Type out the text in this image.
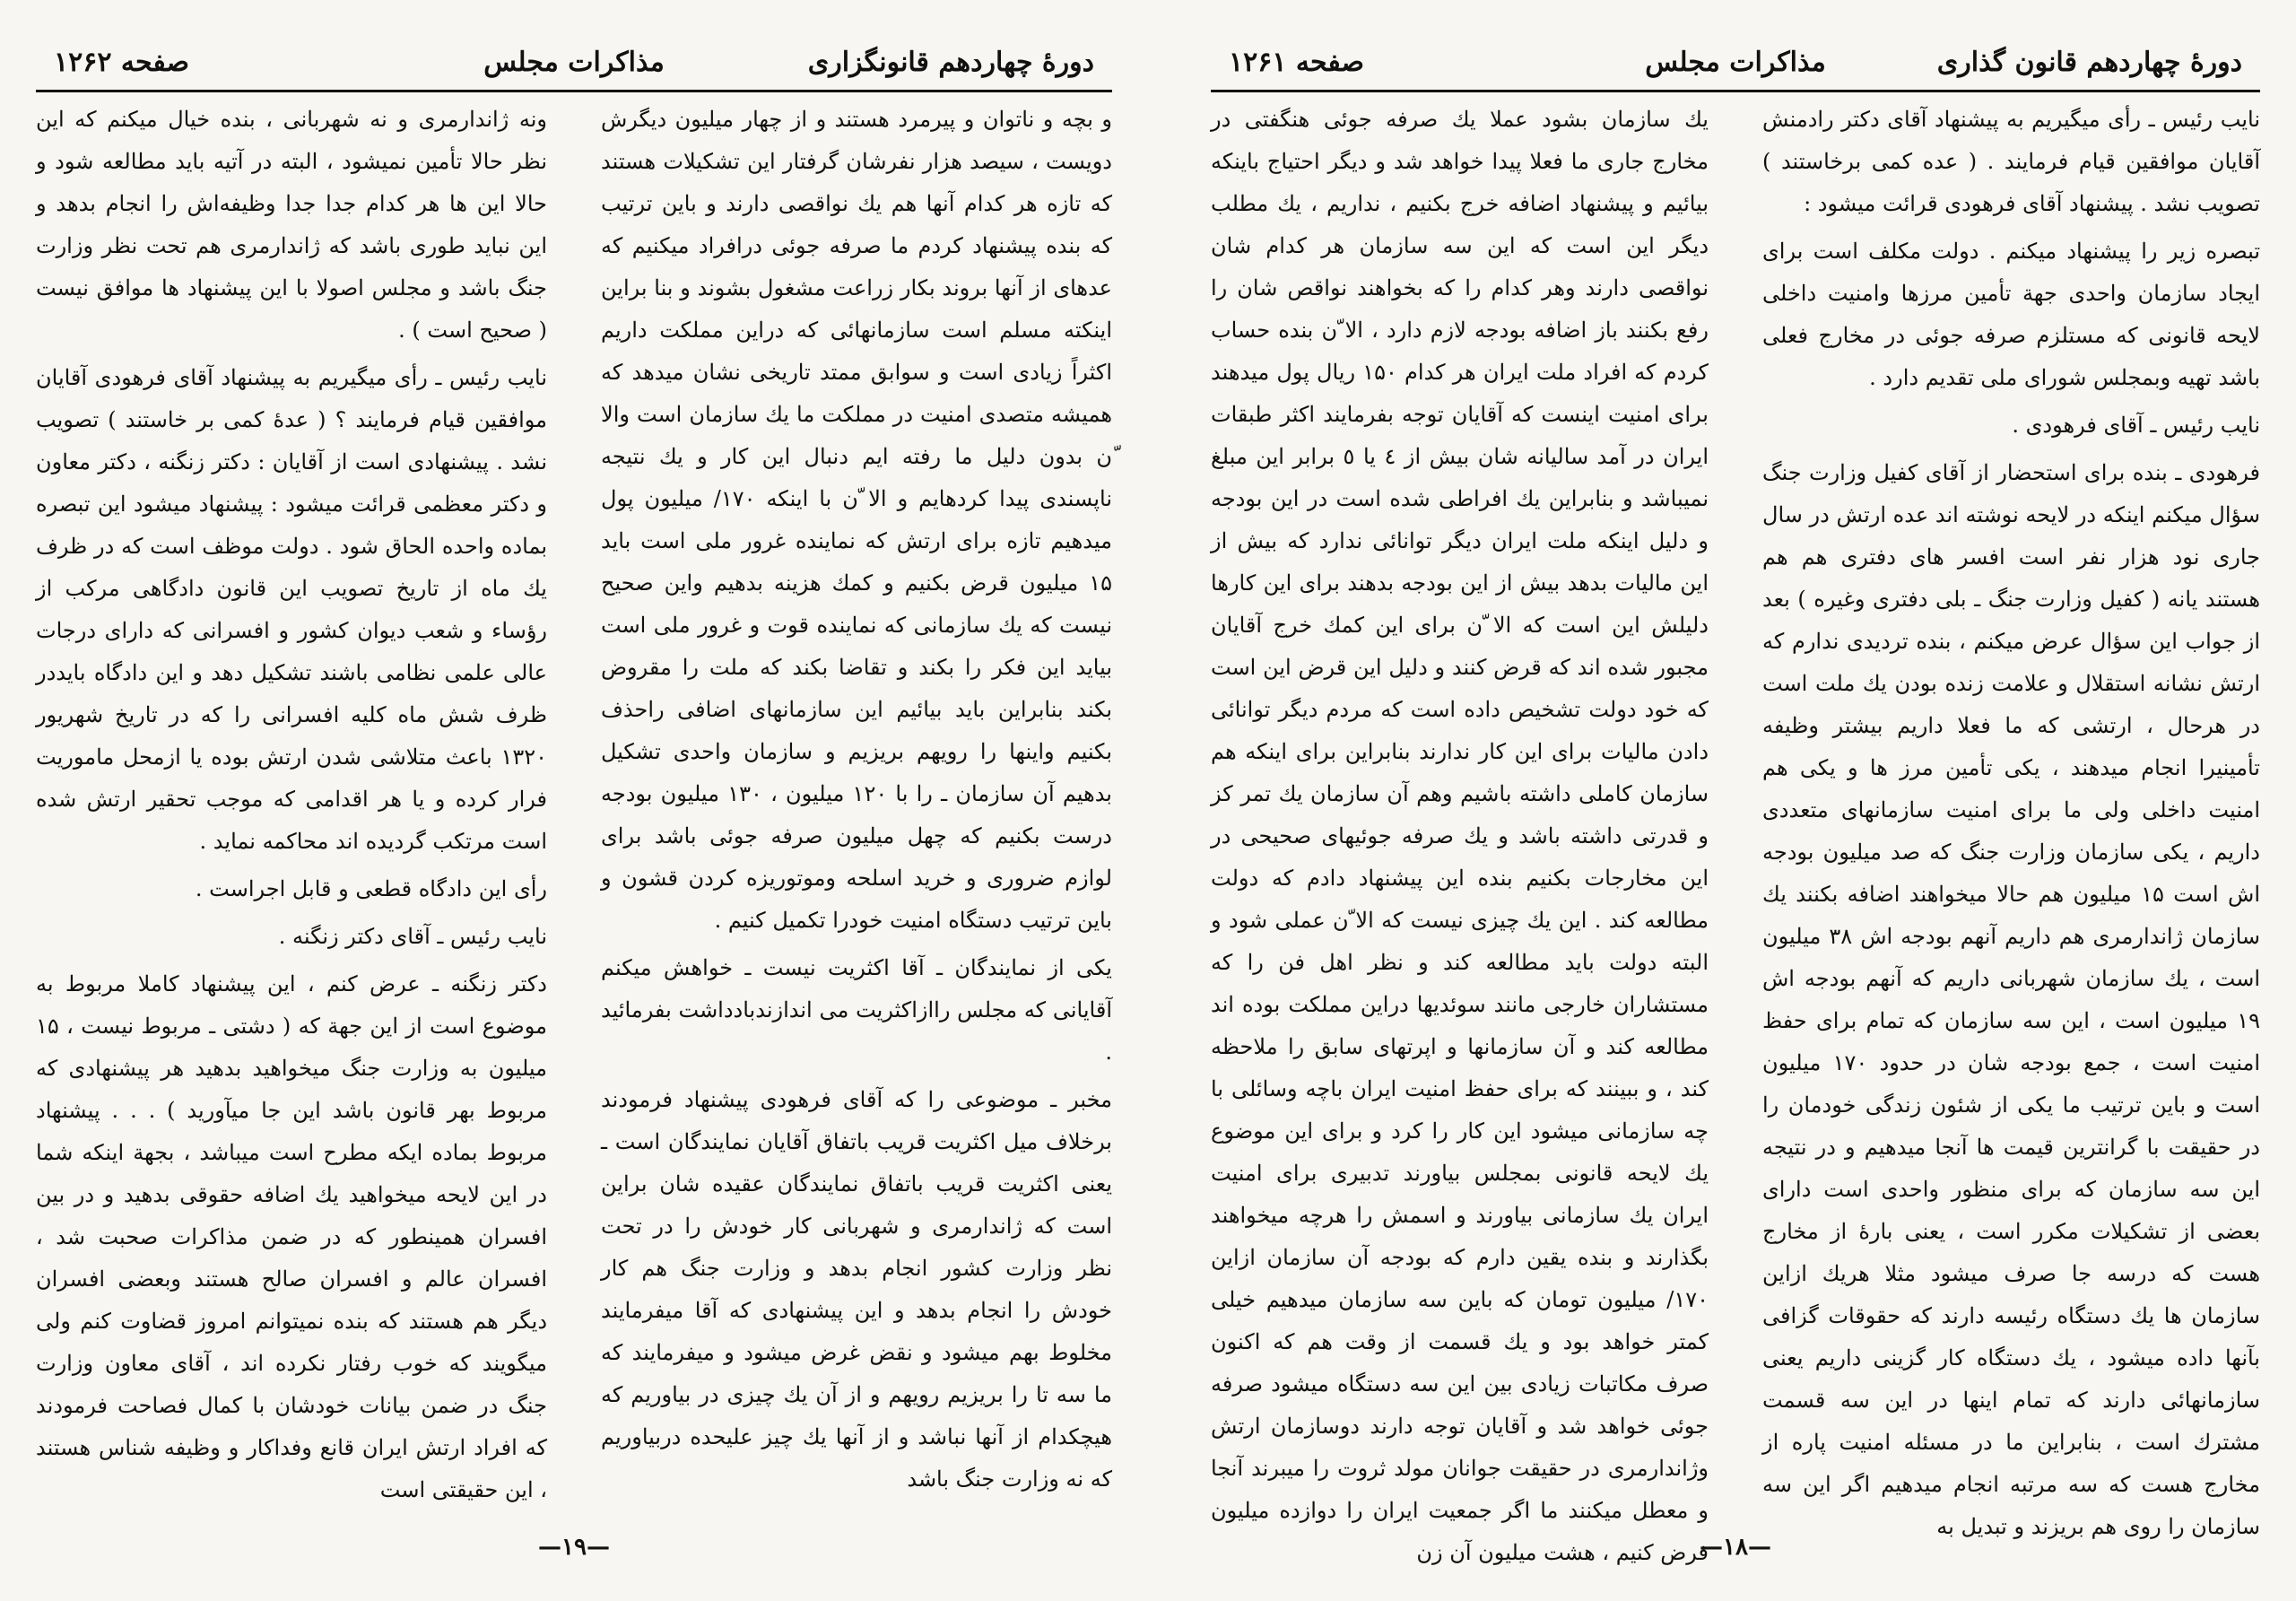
دورهٔ چهاردهم قانونگزاری
مذاکرات مجلس
صفحه ۱۲۶۲

و بچه و ناتوان و پیرمرد هستند و از چهار میلیون دیگرش دویست ، سیصد هزار نفرشان گرفتار این تشکیلات هستند که تازه هر کدام آنها هم یك نواقصی دارند و باین ترتیب که بنده پیشنهاد کردم ما صرفه جوئی درافراد میکنیم که عدهای از آنها بروند بکار زراعت مشغول بشوند و بنا براین اینکته مسلم است سازمانهائی که دراین مملکت داریم اکثراً زیادی است و سوابق ممتد تاریخی نشان میدهد که همیشه متصدی امنیت در مملکت ما یك سازمان است والا ّن بدون دلیل ما رفته ایم دنبال این کار و یك نتیجه ناپسندی پیدا کردهایم و الا ّن با اینکه ۱۷۰/ میلیون پول میدهیم تازه برای ارتش که نماینده غرور ملی است باید ۱۵ میلیون قرض بکنیم و کمك هزینه بدهیم واین صحیح نیست که یك سازمانی که نماینده قوت و غرور ملی است بیاید این فکر را بکند و تقاضا بکند که ملت را مقروض بکند بنابراین باید بیائیم این سازمانهای اضافی راحذف بکنیم واینها را رویهم بریزیم و سازمان واحدی تشکیل بدهیم آن سازمان ـ را با ۱۲۰ میلیون ، ۱۳۰ میلیون بودجه درست بکنیم که چهل میلیون صرفه جوئی باشد برای لوازم ضروری و خرید اسلحه وموتوریزه کردن قشون و باین ترتیب دستگاه امنیت خودرا تکمیل کنیم .

یکی از نمایندگان ـ آقا اکثریت نیست ـ خواهش میکنم آقایانی که مجلس راازاکثریت می اندازندبادداشت بفرمائید .

مخبر ـ موضوعی را که آقای فرهودی پیشنهاد فرمودند برخلاف میل اکثریت قریب باتفاق آقایان نمایندگان است ـ یعنی اکثریت قریب باتفاق نمایندگان عقیده شان براین است که ژاندارمری و شهربانی کار خودش را در تحت نظر وزارت کشور انجام بدهد و وزارت جنگ هم کار خودش را انجام بدهد و این پیشنهادی که آقا میفرمایند مخلوط بهم میشود و نقض غرض میشود و میفرمایند که ما سه تا را بریزیم رویهم و از آن یك چیزی در بیاوریم که هیچکدام از آنها نباشد و از آنها یك چیز علیحده دربیاوریم که نه وزارت جنگ باشد

ونه ژاندارمری و نه شهربانی ، بنده خیال میکنم که این نظر حالا تأمین نمیشود ، البته در آتیه باید مطالعه شود و حالا این ها هر کدام جدا جدا وظیفه‌اش را انجام بدهد و این نباید طوری باشد که ژاندارمری هم تحت نظر وزارت جنگ باشد و مجلس اصولا با این پیشنهاد ها موافق نیست ( صحیح است ) .

نایب رئیس ـ رأی میگیریم به پیشنهاد آقای فرهودی آقایان موافقین قیام فرمایند ؟ ( عدهٔ کمی بر خاستند ) تصویب نشد . پیشنهادی است از آقایان : دکتر زنگنه ، دکتر معاون و دکتر معظمی قرائت میشود : پیشنهاد میشود این تبصره بماده واحده الحاق شود . دولت موظف است که در ظرف یك ماه از تاریخ تصویب این قانون دادگاهی مرکب از رؤساء و شعب دیوان کشور و افسرانی که دارای درجات عالی علمی نظامی باشند تشکیل دهد و این دادگاه بایددر ظرف شش ماه کلیه افسرانی را که در تاریخ شهریور ۱۳۲۰ باعث متلاشی شدن ارتش بوده یا ازمحل ماموریت فرار کرده و یا هر اقدامی که موجب تحقیر ارتش شده است مرتکب گردیده اند محاکمه نماید .

رأی این دادگاه قطعی و قابل اجراست .

نایب رئیس ـ آقای دکتر زنگنه .

دکتر زنگنه ـ عرض کنم ، این پیشنهاد کاملا مربوط به موضوع است از این جهة که ( دشتی ـ مربوط نیست ، ۱۵ میلیون به وزارت جنگ میخواهید بدهید هر پیشنهادی که مربوط بهر قانون باشد این جا میآورید ) . . . پیشنهاد مربوط بماده ایکه مطرح است میباشد ، بجهة اینکه شما در این لایحه میخواهید یك اضافه حقوقی بدهید و در بین افسران همینطور که در ضمن مذاکرات صحبت شد ، افسران عالم و افسران صالح هستند وبعضی افسران دیگر هم هستند که بنده نمیتوانم امروز قضاوت کنم ولی میگویند که خوب رفتار نکرده اند ، آقای معاون وزارت جنگ در ضمن بیانات خودشان با کمال فصاحت فرمودند که افراد ارتش ایران قانع وفداکار و وظیفه شناس هستند ، این حقیقتی است

—۱۹—
دورهٔ چهاردهم قانون گذاری
مذاکرات مجلس
صفحه ۱۲۶۱

نایب رئیس ـ رأی میگیریم به پیشنهاد آقای دکتر رادمنش آقایان موافقین قیام فرمایند . ( عده کمی برخاستند ) تصویب نشد . پیشنهاد آقای فرهودی قرائت میشود :

تبصره زیر را پیشنهاد میکنم . دولت مکلف است برای ایجاد سازمان واحدی جهة تأمین مرزها وامنیت داخلی لایحه قانونی که مستلزم صرفه جوئی در مخارج فعلی باشد تهیه وبمجلس شورای ملی تقدیم دارد .

نایب رئیس ـ آقای فرهودی .

فرهودی ـ بنده برای استحضار از آقای کفیل وزارت جنگ سؤال میکنم اینکه در لایحه نوشته اند عده ارتش در سال جاری نود هزار نفر است افسر های دفتری هم هم هستند یانه ( کفیل وزارت جنگ ـ بلی دفتری وغیره ) بعد از جواب این سؤال عرض میکنم ، بنده تردیدی ندارم که ارتش نشانه استقلال و علامت زنده بودن یك ملت است در هرحال ، ارتشی که ما فعلا داریم بیشتر وظیفه تأمینیرا انجام میدهند ، یکی تأمین مرز ها و یکی هم امنیت داخلی ولی ما برای امنیت سازمانهای متعددی داریم ، یکی سازمان وزارت جنگ که صد میلیون بودجه اش است ۱۵ میلیون هم حالا میخواهند اضافه بکنند یك سازمان ژاندارمری هم داریم آنهم بودجه اش ۳۸ میلیون است ، یك سازمان شهربانی داریم که آنهم بودجه اش ۱۹ میلیون است ، این سه سازمان که تمام برای حفظ امنیت است ، جمع بودجه شان در حدود ۱۷۰ میلیون است و باین ترتیب ما یکی از شئون زندگی خودمان را در حقیقت با گرانترین قیمت ها آنجا میدهیم و در نتیجه این سه سازمان که برای منظور واحدی است دارای بعضی از تشکیلات مکرر است ، یعنی بارهٔ از مخارج هست که درسه جا صرف میشود مثلا هریك ازاین سازمان ها یك دستگاه رئیسه دارند که حقوقات گزافی بآنها داده میشود ، یك دستگاه کار گزینی داریم یعنی سازمانهائی دارند که تمام اینها در این سه قسمت مشترك است ، بنابراین ما در مسئله امنیت پاره از مخارج هست که سه مرتبه انجام میدهیم اگر این سه سازمان را روی هم بریزند و تبدیل به

یك سازمان بشود عملا یك صرفه جوئی هنگفتی در مخارج جاری ما فعلا پیدا خواهد شد و دیگر احتیاج باینکه بیائیم و پیشنهاد اضافه خرج بکنیم ، نداریم ، یك مطلب دیگر این است که این سه سازمان هر کدام شان نواقصی دارند وهر کدام را که بخواهند نواقص شان را رفع بکنند باز اضافه بودجه لازم دارد ، الا ّن بنده حساب کردم که افراد ملت ایران هر کدام ۱۵۰ ریال پول میدهند برای امنیت اینست که آقایان توجه بفرمایند اکثر طبقات ایران در آمد سالیانه شان بیش از ٤ یا ٥ برابر این مبلغ نمیباشد و بنابراین یك افراطی شده است در این بودجه و دلیل اینکه ملت ایران دیگر توانائی ندارد که بیش از این مالیات بدهد بیش از این بودجه بدهند برای این کارها دلیلش این است که الا ّن برای این کمك خرج آقایان مجبور شده اند که قرض کنند و دلیل این قرض این است که خود دولت تشخیص داده است که مردم دیگر توانائی دادن مالیات برای این کار ندارند بنابراین برای اینکه هم سازمان کاملی داشته باشیم وهم آن سازمان یك تمر کز و قدرتی داشته باشد و یك صرفه جوئیهای صحیحی در این مخارجات بکنیم بنده این پیشنهاد دادم که دولت مطالعه کند . این یك چیزی نیست که الا ّن عملی شود و البته دولت باید مطالعه کند و نظر اهل فن را که مستشاران خارجی مانند سوئدیها دراین مملکت بوده اند مطالعه کند و آن سازمانها و اپرتهای سابق را ملاحظه کند ، و ببینند که برای حفظ امنیت ایران باچه وسائلی با چه سازمانی میشود این کار را کرد و برای این موضوع یك لایحه قانونی بمجلس بیاورند تدبیری برای امنیت ایران یك سازمانی بیاورند و اسمش را هرچه میخواهند بگذارند و بنده یقین دارم که بودجه آن سازمان ازاین ۱۷۰/ میلیون تومان که باین سه سازمان میدهیم خیلی کمتر خواهد بود و یك قسمت از وقت هم که اکنون صرف مکاتبات زیادی بین این سه دستگاه میشود صرفه جوئی خواهد شد و آقایان توجه دارند دوسازمان ارتش وژاندارمری در حقیقت جوانان مولد ثروت را میبرند آنجا و معطل میکنند ما اگر جمعیت ایران را دوازده میلیون فرض کنیم ، هشت میلیون آن زن

—۱۸—
